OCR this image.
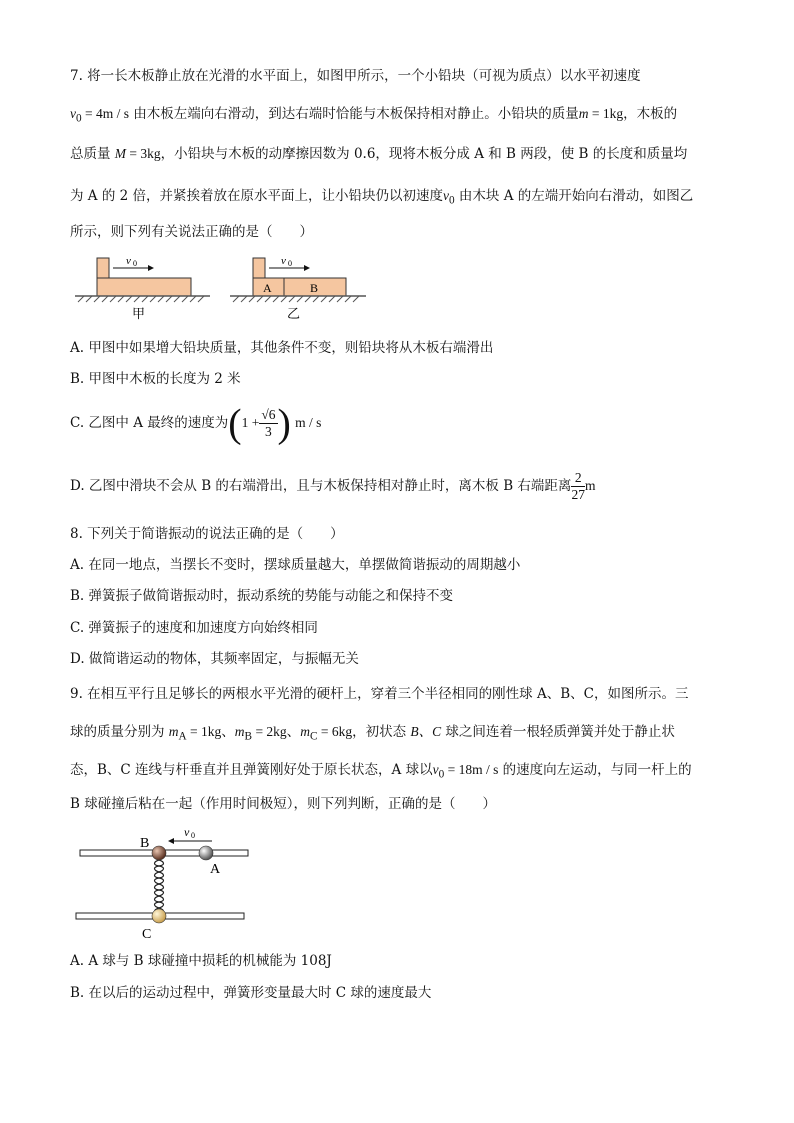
7. 将一长木板静止放在光滑的水平面上，如图甲所示，一个小铅块（可视为质点）以水平初速度
$v_0 = 4m / s$ 由木板左端向右滑动，到达右端时恰能与木板保持相对静止。小铅块的质量m = 1kg，木板的
总质量 M = 3kg，小铅块与木板的动摩擦因数为 0.6，现将木板分成 A 和 B 两段，使 B 的长度和质量均
为 A 的 2 倍，并紧挨着放在原水平面上，让小铅块仍以初速度$v_0$ 由木块 A 的左端开始向右滑动，如图乙
所示，则下列有关说法正确的是（　　）
v 0
甲
A	B
v 0
乙
A. 甲图中如果增大铅块质量，其他条件不变，则铅块将从木板右端滑出
B. 甲图中木板的长度为 2 米
C. 乙图中 A 最终的速度为($1 + \frac{√6}{3}$ ) m / s
D. 乙图中滑块不会从 B 的右端滑出，且与木板保持相对静止时，离木板 B 右端距离 $\frac{2}{27}$ m
8. 下列关于简谐振动的说法正确的是（　　）
A. 在同一地点，当摆长不变时，摆球质量越大，单摆做简谐振动的周期越小
B. 弹簧振子做简谐振动时，振动系统的势能与动能之和保持不变
C. 弹簧振子的速度和加速度方向始终相同
D. 做简谐运动的物体，其频率固定，与振幅无关
9. 在相互平行且足够长的两根水平光滑的硬杆上，穿着三个半径相同的刚性球 A、B、C，如图所示。三
球的质量分别为 $m_A = 1kg$、$m_B = 2kg$、$m_C = 6kg$，初状态 B、C 球之间连着一根轻质弹簧并处于静止状
态，B、C 连线与杆垂直并且弹簧刚好处于原长状态，A 球以$v_0 = 18m / s$ 的速度向左运动，与同一杆上的
B 球碰撞后粘在一起（作用时间极短），则下列判断，正确的是（　　）
v 0
B
A
C
A. A 球与 B 球碰撞中损耗的机械能为 108J
B. 在以后的运动过程中，弹簧形变量最大时 C 球的速度最大
